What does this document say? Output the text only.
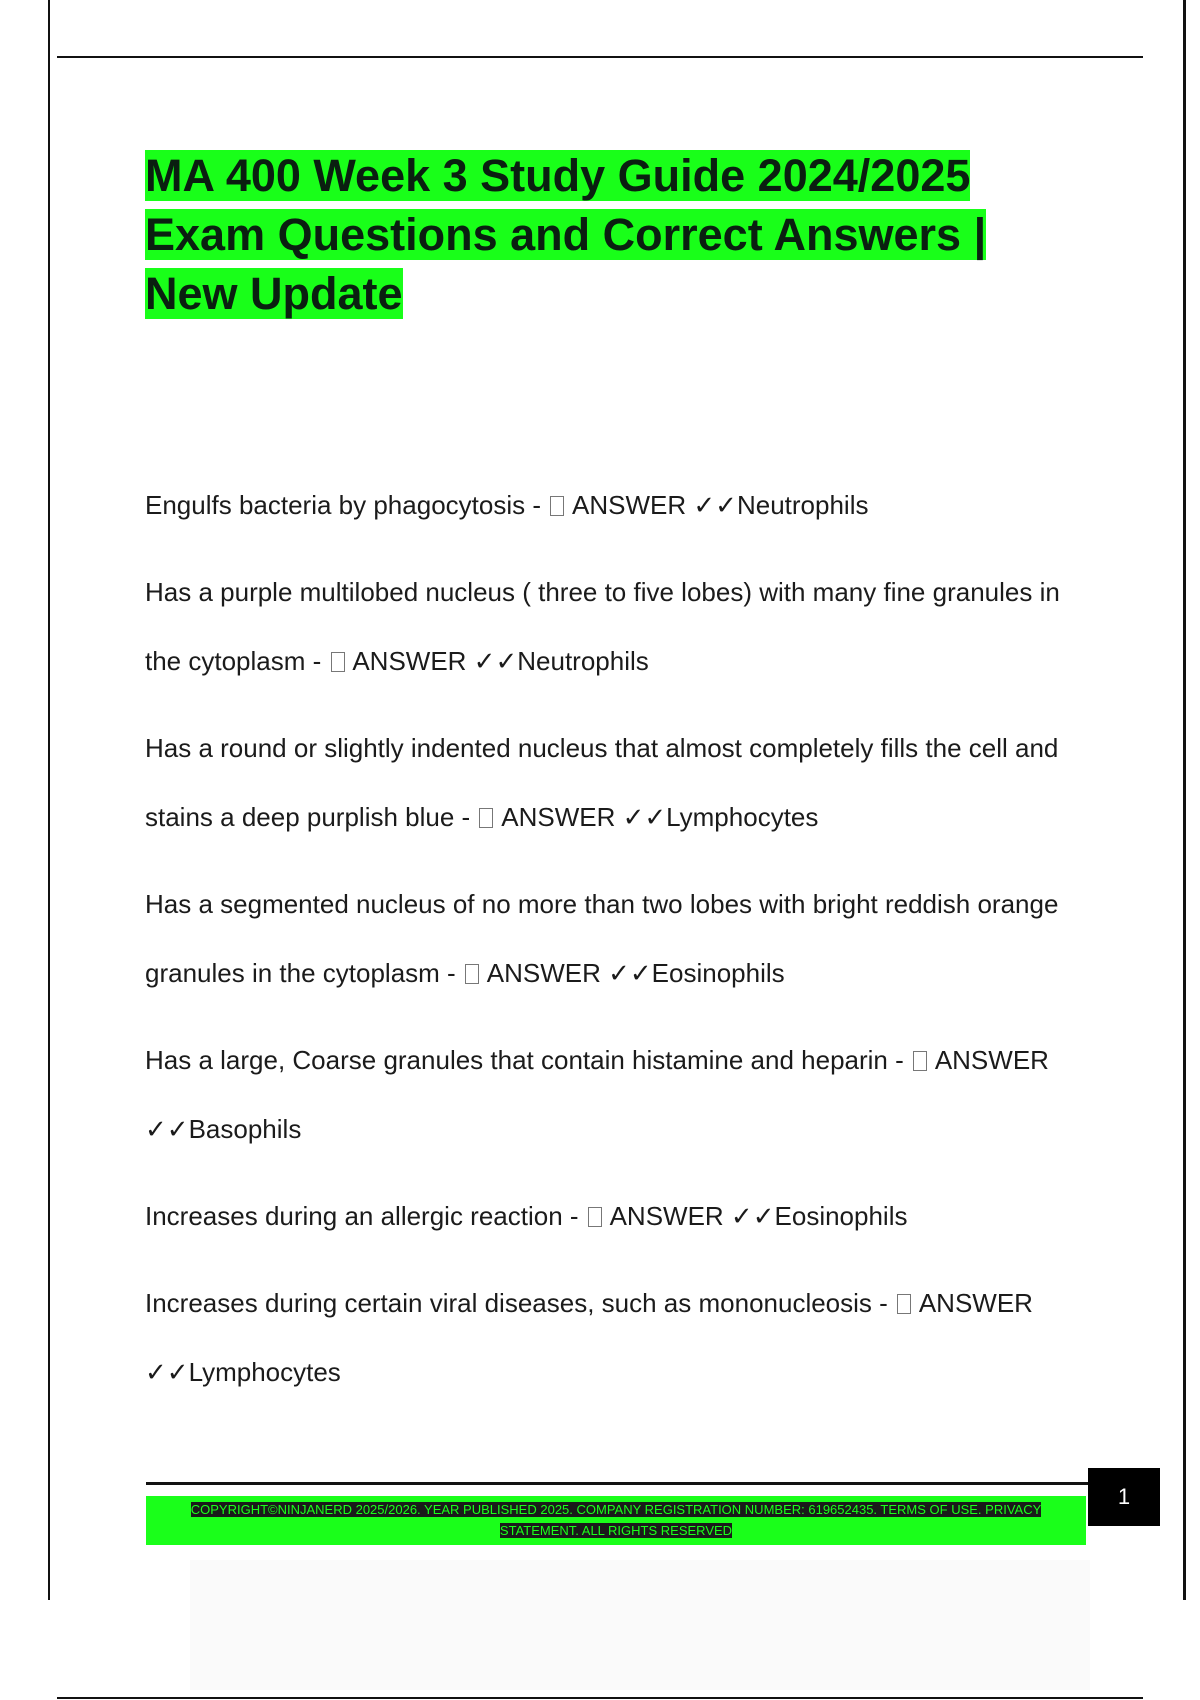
MA 400 Week 3 Study Guide 2024/2025 Exam Questions and Correct Answers | New Update
Engulfs bacteria by phagocytosis - ANSWER ✓✓Neutrophils
Has a purple multilobed nucleus ( three to five lobes) with many fine granules in the cytoplasm - ANSWER ✓✓Neutrophils
Has a round or slightly indented nucleus that almost completely fills the cell and stains a deep purplish blue - ANSWER ✓✓Lymphocytes
Has a segmented nucleus of no more than two lobes with bright reddish orange granules in the cytoplasm - ANSWER ✓✓Eosinophils
Has a large, Coarse granules that contain histamine and heparin - ANSWER ✓✓Basophils
Increases during an allergic reaction - ANSWER ✓✓Eosinophils
Increases during certain viral diseases, such as mononucleosis - ANSWER ✓✓Lymphocytes

COPYRIGHT©NINJANERD 2025/2026. YEAR PUBLISHED 2025. COMPANY REGISTRATION NUMBER: 619652435. TERMS OF USE. PRIVACY
STATEMENT. ALL RIGHTS RESERVED

1
